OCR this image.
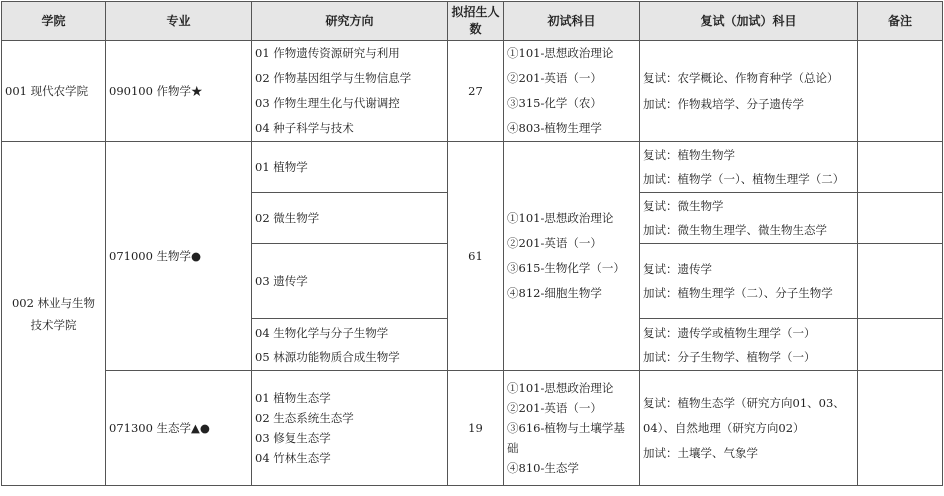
学院	专业	研究方向	拟招生人数	初试科目	复试（加试）科目	备注
001 现代农学院	090100 作物学★	01 作物遗传资源研究与利用
02 作物基因组学与生物信息学
03 作物生理生化与代谢调控
04 种子科学与技术	27	①101-思想政治理论
②201-英语（一）
③315-化学（农）
④803-植物生理学	复试：农学概论、作物育种学（总论）
加试：作物栽培学、分子遗传学	

002 林业与生物技术学院	071000 生物学●	01 植物学	61	①101-思想政治理论
②201-英语（一）
③615-生物化学（一）
④812-细胞生物学	复试：植物生物学
加试：植物学（一）、植物生理学（二）	

		02 微生物学			复试：微生物学
加试：微生物生理学、微生物生态学	

		03 遗传学			复试：遗传学
加试：植物生理学（二）、分子生物学	

		04 生物化学与分子生物学
05 林源功能物质合成生物学			复试：遗传学或植物生理学（一）
加试：分子生物学、植物学（一）	

	071300 生态学▲●	01 植物生态学
02 生态系统生态学
03 修复生态学
04 竹林生态学	19	①101-思想政治理论
②201-英语（一）
③616-植物与土壤学基础
④810-生态学	复试：植物生态学（研究方向01、03、04）、自然地理（研究方向02）
加试：土壤学、气象学	
